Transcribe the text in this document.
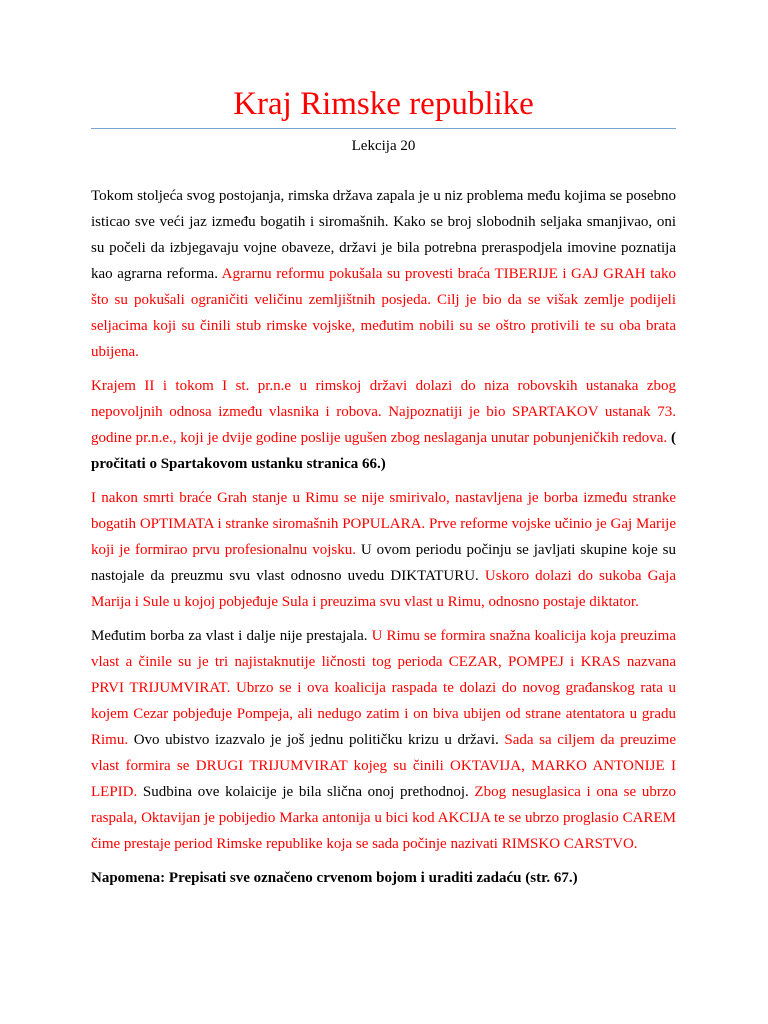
Kraj Rimske republike
Lekcija 20

Tokom stoljeća svog postojanja, rimska država zapala je u niz problema među kojima se posebno isticao sve veći jaz između bogatih i siromašnih. Kako se broj slobodnih seljaka smanjivao, oni su počeli da izbjegavaju vojne obaveze, državi je bila potrebna preraspodjela imovine poznatija kao agrarna reforma. Agrarnu reformu pokušala su provesti braća TIBERIJE i GAJ GRAH tako što su pokušali ograničiti veličinu zemljištnih posjeda. Cilj je bio da se višak zemlje podijeli seljacima koji su činili stub rimske vojske, međutim nobili su se oštro protivili te su oba brata ubijena.

Krajem II i tokom I st. pr.n.e u rimskoj državi dolazi do niza robovskih ustanaka zbog nepovoljnih odnosa između vlasnika i robova. Najpoznatiji je bio SPARTAKOV ustanak 73. godine pr.n.e., koji je dvije godine poslije ugušen zbog neslaganja unutar pobunjeničkih redova. ( pročitati o Spartakovom ustanku stranica 66.)

I nakon smrti braće Grah stanje u Rimu se nije smirivalo, nastavljena je borba između stranke bogatih OPTIMATA i stranke siromašnih POPULARA. Prve reforme vojske učinio je Gaj Marije koji je formirao prvu profesionalnu vojsku. U ovom periodu počinju se javljati skupine koje su nastojale da preuzmu svu vlast odnosno uvedu DIKTATURU. Uskoro dolazi do sukoba Gaja Marija i Sule u kojoj pobjeđuje Sula i preuzima svu vlast u Rimu, odnosno postaje diktator.

Međutim borba za vlast i dalje nije prestajala. U Rimu se formira snažna koalicija koja preuzima vlast a činile su je tri najistaknutije ličnosti tog perioda CEZAR, POMPEJ i KRAS nazvana PRVI TRIJUMVIRAT. Ubrzo se i ova koalicija raspada te dolazi do novog građanskog rata u kojem Cezar pobjeđuje Pompeja, ali nedugo zatim i on biva ubijen od strane atentatora u gradu Rimu. Ovo ubistvo izazvalo je još jednu političku krizu u državi. Sada sa ciljem da preuzime vlast formira se DRUGI TRIJUMVIRAT kojeg su činili OKTAVIJA, MARKO ANTONIJE I LEPID. Sudbina ove kolaicije je bila slična onoj prethodnoj. Zbog nesuglasica i ona se ubrzo raspala, Oktavijan je pobijedio Marka antonija u bici kod AKCIJA te se ubrzo proglasio CAREM čime prestaje period Rimske republike koja se sada počinje nazivati RIMSKO CARSTVO.

Napomena: Prepisati sve označeno crvenom bojom i uraditi zadaću (str. 67.)
